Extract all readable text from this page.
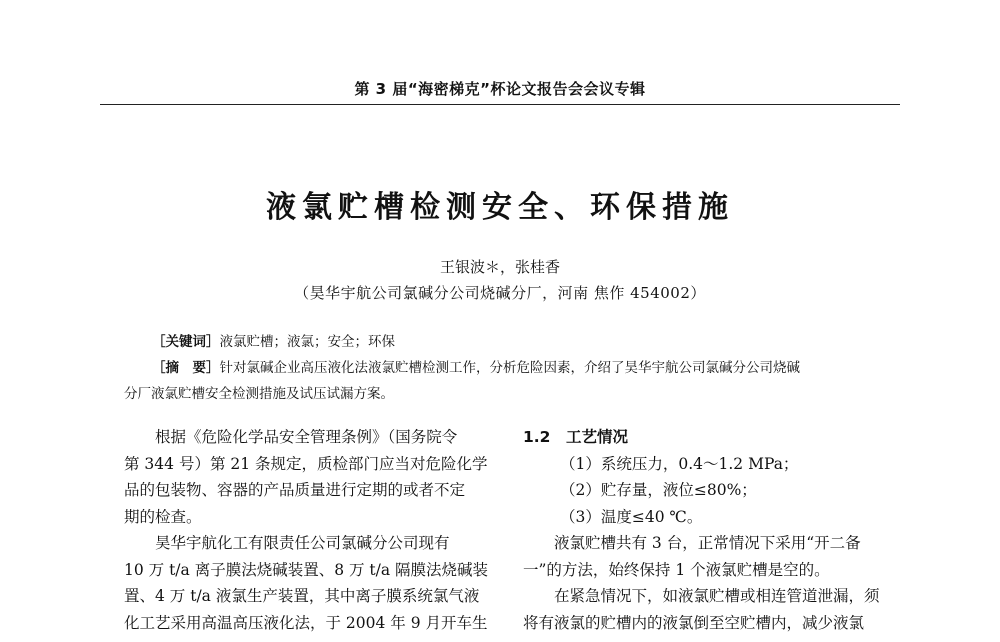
第 3 届“海密梯克”杯论文报告会会议专辑
液氯贮槽检测安全、环保措施
王银波＊，张桂香
（昊华宇航公司氯碱分公司烧碱分厂，河南 焦作 454002）
［关键词］液氯贮槽；液氯；安全；环保
［摘　要］针对氯碱企业高压液化法液氯贮槽检测工作，分析危险因素，介绍了昊华宇航公司氯碱分公司烧碱
分厂液氯贮槽安全检测措施及试压试漏方案。

根据《危险化学品安全管理条例》（国务院令

第 344 号）第 21 条规定，质检部门应当对危险化学

品的包装物、容器的产品质量进行定期的或者不定

期的检查。

昊华宇航化工有限责任公司氯碱分公司现有

10 万 t/a 离子膜法烧碱装置、8 万 t/a 隔膜法烧碱装

置、4 万 t/a 液氯生产装置，其中离子膜系统氯气液

化工艺采用高温高压液化法，于 2004 年 9 月开车生

1.2　工艺情况

（1）系统压力，0.4～1.2 MPa；

（2）贮存量，液位≤80%；

（3）温度≤40 ℃。

液氯贮槽共有 3 台，正常情况下采用“开二备

一”的方法，始终保持 1 个液氯贮槽是空的。

在紧急情况下，如液氯贮槽或相连管道泄漏，须

将有液氯的贮槽内的液氯倒至空贮槽内，减少液氯
